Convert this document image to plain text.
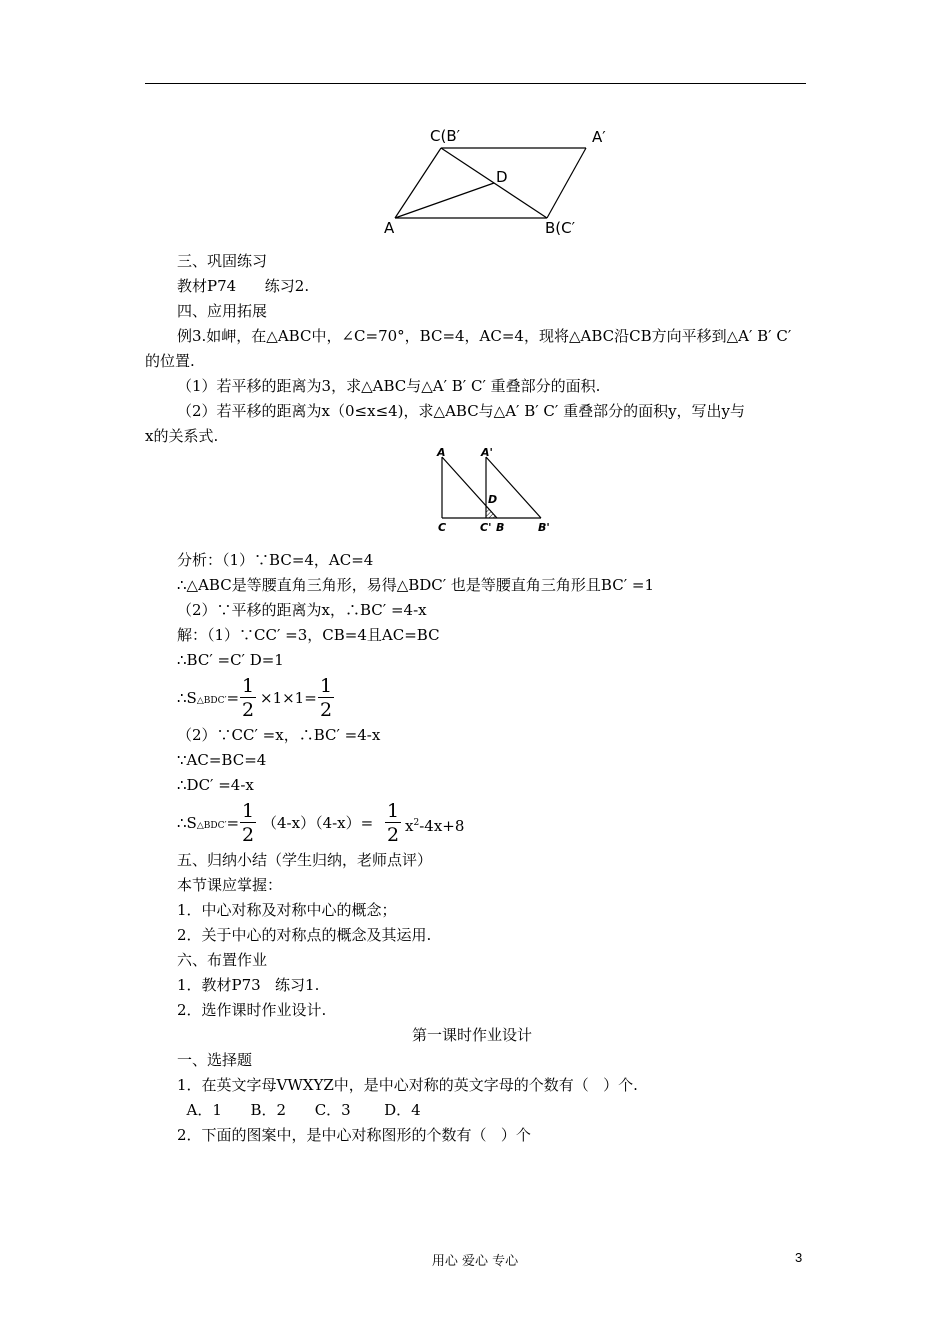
C(B′	A′
D
A	B(C′
三、巩固练习
教材P74      练习2.
四、应用拓展
例3.如岬，在△ABC中，∠C=70°，BC=4，AC=4，现将△ABC沿CB方向平移到△A′ B′ C′
的位置.
（1）若平移的距离为3，求△ABC与△A′ B′ C′ 重叠部分的面积.
（2）若平移的距离为x（0≤x≤4)，求△ABC与△A′ B′ C′ 重叠部分的面积y，写出y与
x的关系式.
A	A'
D
C	C' B	B'
分析：（1）∵BC=4，AC=4
∴△ABC是等腰直角三角形，易得△BDC′ 也是等腰直角三角形且BC′ =1
（2）∵平移的距离为x，∴BC′ =4-x
解：（1）∵CC′ =3，CB=4且AC=BC
∴BC′ =C′ D=1
∴S△BDC′=
1
2
×1×1=
1
2
（2）∵CC′ =x，∴BC′ =4-x
∵AC=BC=4
∴DC′ =4-x
∴S△BDC′=
1
2
（4-x）（4-x）=
1
2 $x^2-4x+8$
五、归纳小结（学生归纳，老师点评）
本节课应掌握：
1．中心对称及对称中心的概念；
2．关于中心的对称点的概念及其运用.
六、布置作业
1．教材P73   练习1.
2．选作课时作业设计.
第一课时作业设计
一、选择题
1．在英文字母VWXYZ中，是中心对称的英文字母的个数有（   ）个.
A．1      B．2      C．3       D．4
2．下面的图案中，是中心对称图形的个数有（   ）个
用心 爱心 专心	3
